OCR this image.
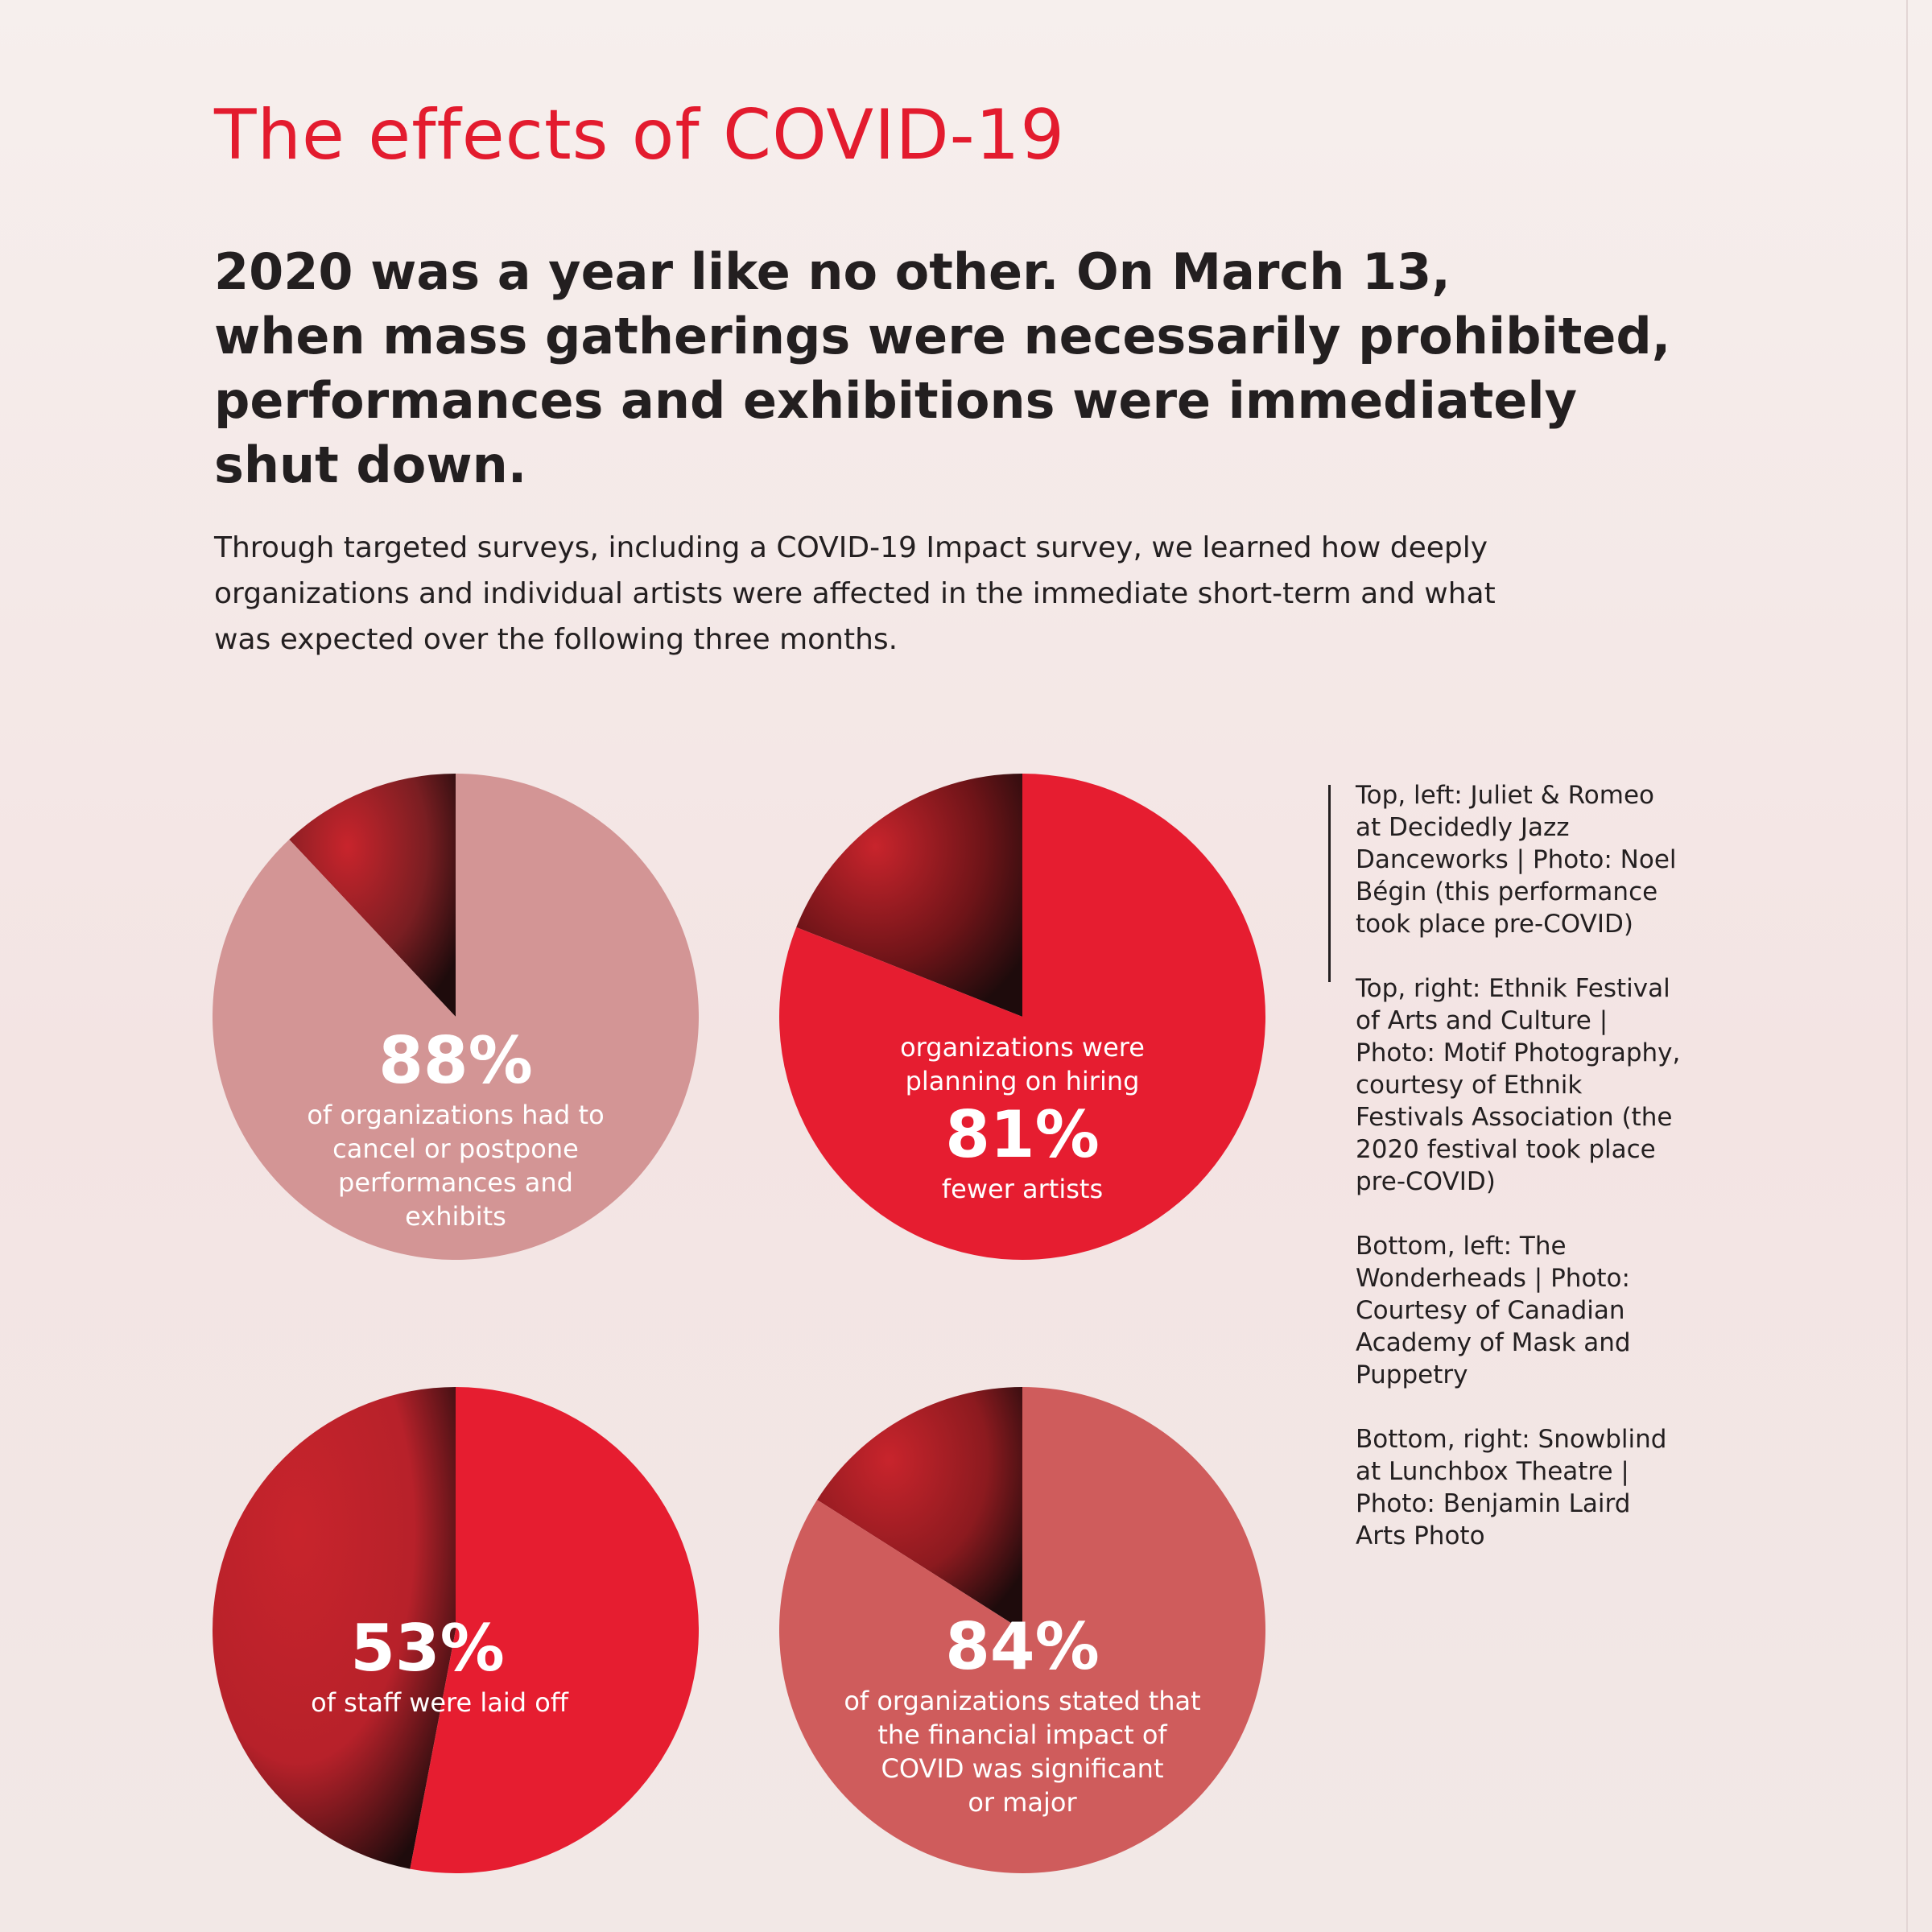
The effects of COVID-19
2020 was a year like no other. On March 13,
when mass gatherings were necessarily prohibited,
performances and exhibitions were immediately
shut down.

Through targeted surveys, including a COVID-19 Impact survey, we learned how deeply
organizations and individual artists were affected in the immediate short-term and what
was expected over the following three months.

88%
of organizations had to
cancel or postpone
performances and
exhibits
organizations were
planning on hiring
81%
fewer artists
53%
of staff were laid off
84%
of organizations stated that
the financial impact of
COVID was significant
or major

Top, left: Juliet & Romeo
at Decidedly Jazz
Danceworks | Photo: Noel
Bégin (this performance
took place pre-COVID)

Top, right: Ethnik Festival
of Arts and Culture |
Photo: Motif Photography,
courtesy of Ethnik
Festivals Association (the
2020 festival took place
pre-COVID)

Bottom, left: The
Wonderheads | Photo:
Courtesy of Canadian
Academy of Mask and
Puppetry

Bottom, right: Snowblind
at Lunchbox Theatre |
Photo: Benjamin Laird
Arts Photo
